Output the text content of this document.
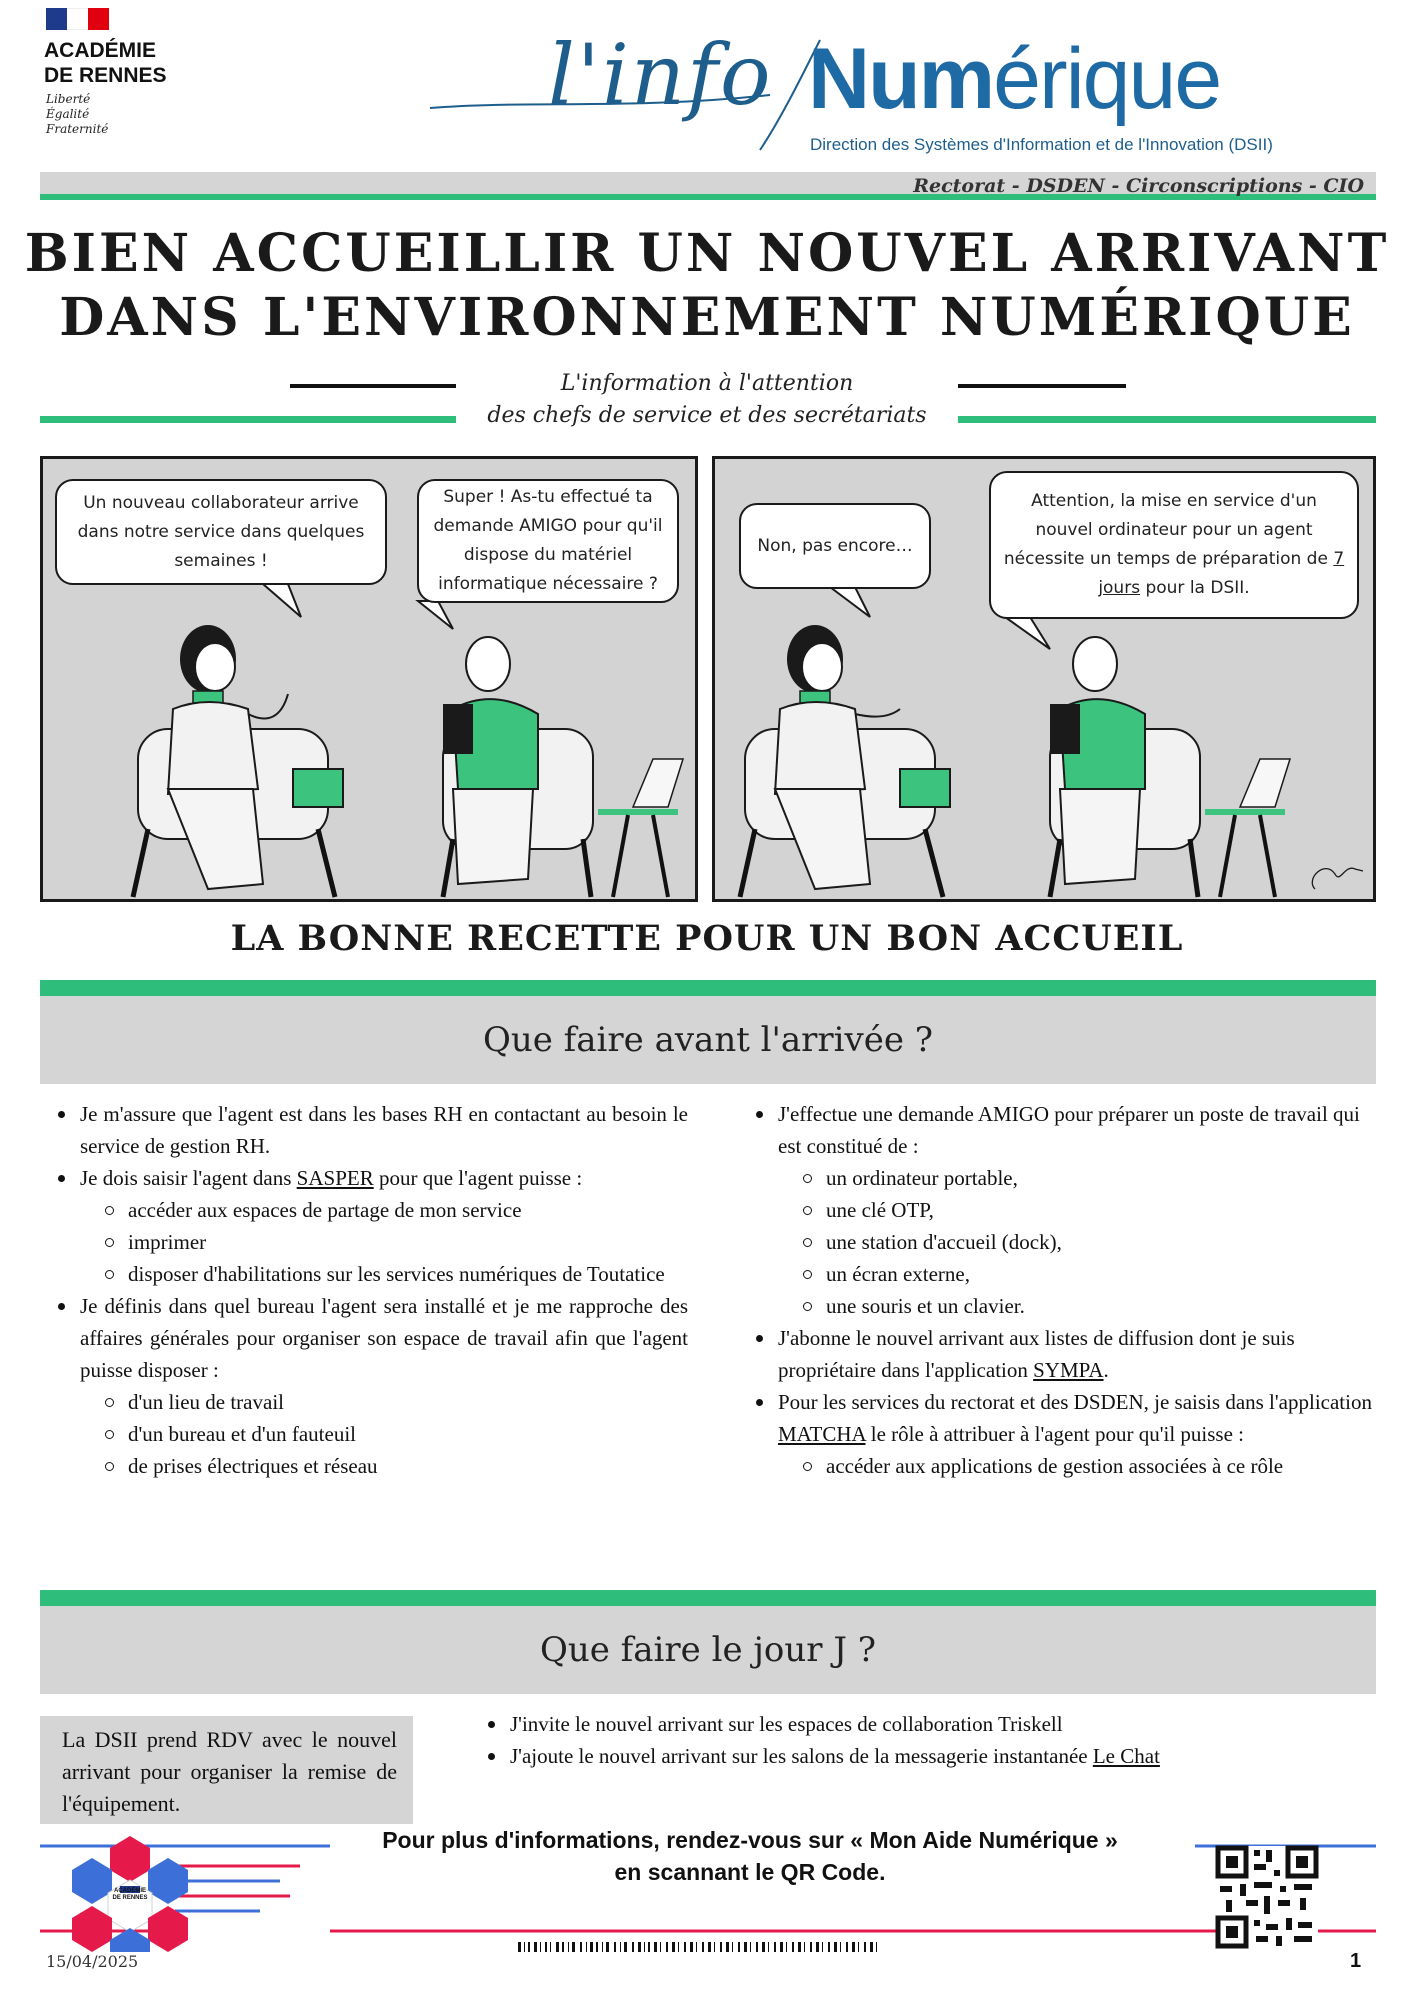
ACADÉMIE
DE RENNES
Liberté
Égalité
Fraternité
l'info Numérique
Direction des Systèmes d'Information et de l'Innovation (DSII)
Rectorat - DSDEN - Circonscriptions - CIO
BIEN ACCUEILLIR UN NOUVEL ARRIVANT
DANS L'ENVIRONNEMENT NUMÉRIQUE
L'information à l'attention
des chefs de service et des secrétariats
Un nouveau collaborateur arrive dans notre service dans quelques semaines !
Super ! As-tu effectué ta demande AMIGO pour qu'il dispose du matériel informatique nécessaire ?
Non, pas encore…
Attention, la mise en service d'un nouvel ordinateur pour un agent nécessite un temps de préparation de 7 jours pour la DSII.
LA BONNE RECETTE POUR UN BON ACCUEIL
Que faire avant l'arrivée ?
Je m'assure que l'agent est dans les bases RH en contactant au besoin le service de gestion RH.
Je dois saisir l'agent dans SASPER pour que l'agent puisse :
accéder aux espaces de partage de mon service
imprimer
disposer d'habilitations sur les services numériques de Toutatice
Je définis dans quel bureau l'agent sera installé et je me rapproche des affaires générales pour organiser son espace de travail afin que l'agent puisse disposer :
d'un lieu de travail
d'un bureau et d'un fauteuil
de prises électriques et réseau
J'effectue une demande AMIGO pour préparer un poste de travail qui est constitué de :
un ordinateur portable,
une clé OTP,
une station d'accueil (dock),
un écran externe,
une souris et un clavier.
J'abonne le nouvel arrivant aux listes de diffusion dont je suis propriétaire dans l'application SYMPA.
Pour les services du rectorat et des DSDEN, je saisis dans l'application MATCHA le rôle à attribuer à l'agent pour qu'il puisse :
accéder aux applications de gestion associées à ce rôle
Que faire le jour J ?
La DSII prend RDV avec le nouvel arrivant pour organiser la remise de l'équipement.
J'invite le nouvel arrivant sur les espaces de collaboration Triskell
J'ajoute le nouvel arrivant sur les salons de la messagerie instantanée Le Chat
ACADÉMIE
DE RENNES
Pour plus d'informations, rendez-vous sur « Mon Aide Numérique »
en scannant le QR Code.
15/04/2025	1
